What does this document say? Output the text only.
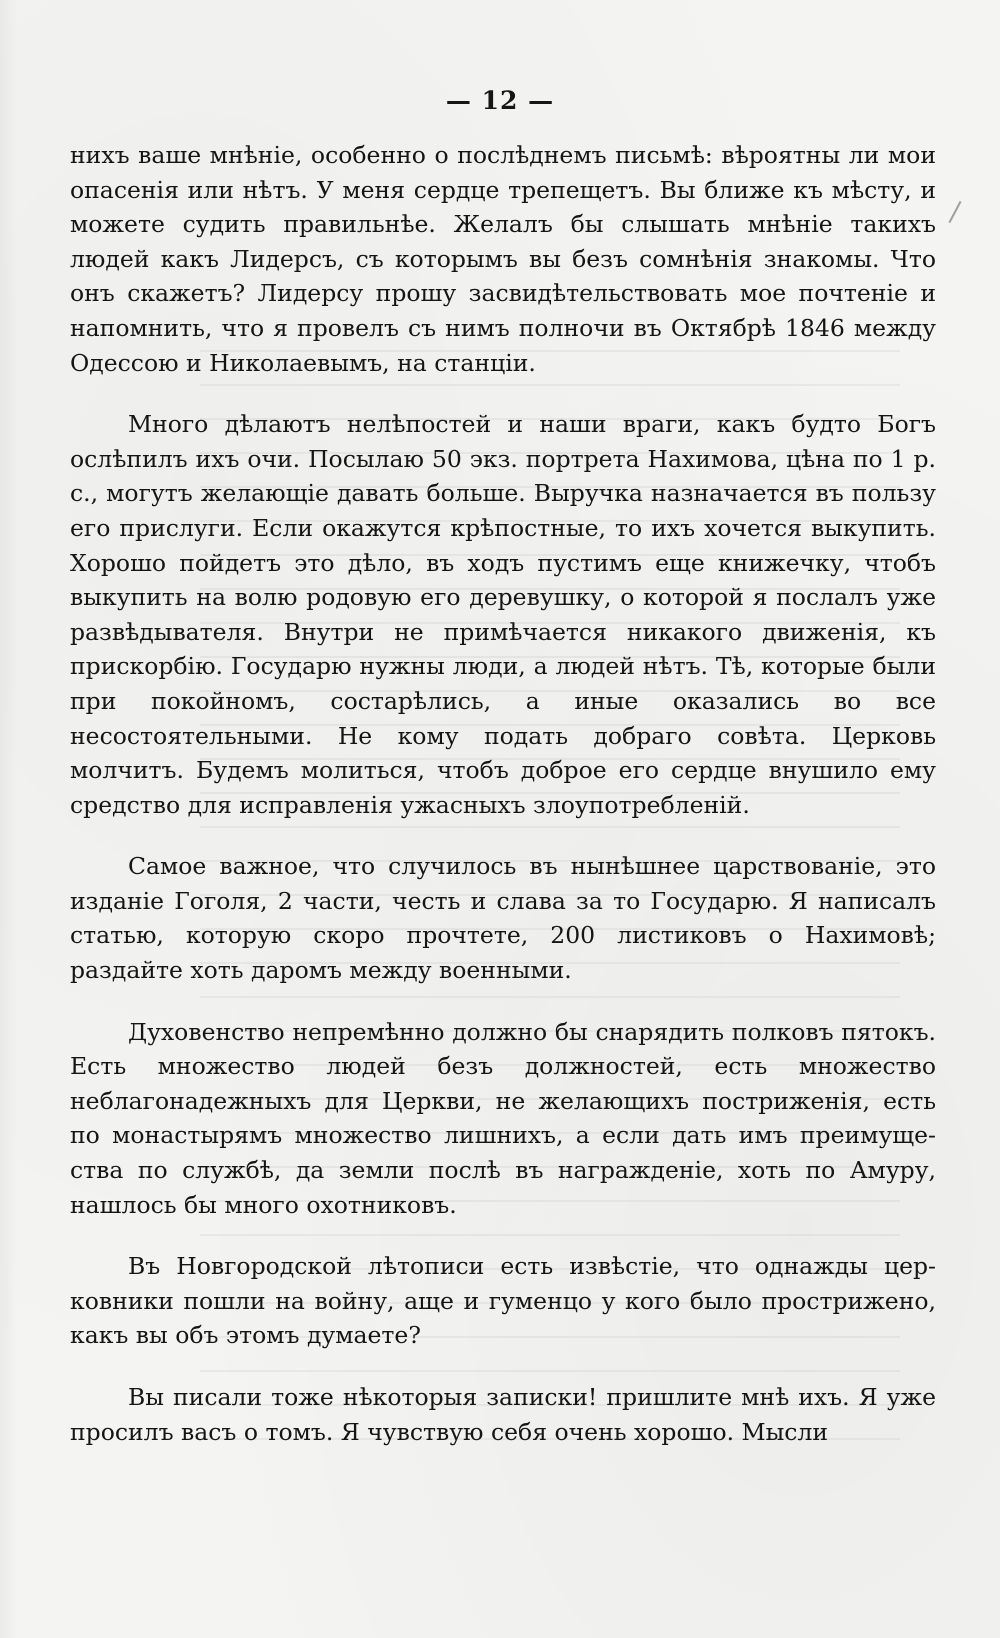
— 12 —

нихъ ваше мнѣніе, особенно о послѣднемъ письмѣ: вѣроятны ли мои опасенія или нѣтъ. У меня сердце трепещетъ. Вы ближе къ мѣсту, и можете судить правильнѣе. Желалъ бы слышать мнѣніе такихъ людей какъ Лидерсъ, съ которымъ вы безъ сомнѣнія знакомы. Что онъ скажетъ? Лидерсу прошу засвидѣтельствовать мое почтеніе и напомнить, что я провелъ съ нимъ полночи въ Октябрѣ 1846 между Одессою и Николаевымъ, на станціи.

Много дѣлаютъ нелѣпостей и наши враги, какъ будто Богъ ослѣпилъ ихъ очи. Посылаю 50 экз. портрета Нахимова, цѣна по 1 р. с., могутъ желающіе давать больше. Выручка назначается въ пользу его прислуги. Если окажутся крѣпостные, то ихъ хочется выкупить. Хорошо пойдетъ это дѣло, въ ходъ пустимъ еще книжечку, чтобъ выкупить на волю родовую его деревушку, о которой я послалъ уже развѣдывателя. Внутри не примѣчается никакого движенія, къ прискорбію. Государю нужны люди, а людей нѣтъ. Тѣ, которые были при покойномъ, состарѣлись, а иные оказались во все несостоятельными. Не кому подать добраго совѣта. Церковь молчитъ. Будемъ молиться, чтобъ доброе его сердце внушило ему средство для исправленія ужасныхъ злоупотребленій.

Самое важное, что случилось въ нынѣшнее царствованіе, это изданіе Гоголя, 2 части, честь и слава за то Государю. Я написалъ статью, которую скоро прочтете, 200 листиковъ о Нахимовѣ; раздайте хоть даромъ между военными.

Духовенство непремѣнно должно бы снарядить полковъ пятокъ. Есть множество людей безъ должностей, есть множество неблагонадежныхъ для Церкви, не желающихъ постриженія, есть по монастырямъ множество лишнихъ, а если дать имъ преимущества по службѣ, да земли послѣ въ награжденіе, хоть по Амуру, нашлось бы много охотниковъ.

Въ Новгородской лѣтописи есть извѣстіе, что однажды церковники пошли на войну, аще и гуменцо у кого было прострижено, какъ вы объ этомъ думаете?

Вы писали тоже нѣкоторыя записки! пришлите мнѣ ихъ. Я уже просилъ васъ о томъ. Я чувствую себя очень хорошо. Мысли
